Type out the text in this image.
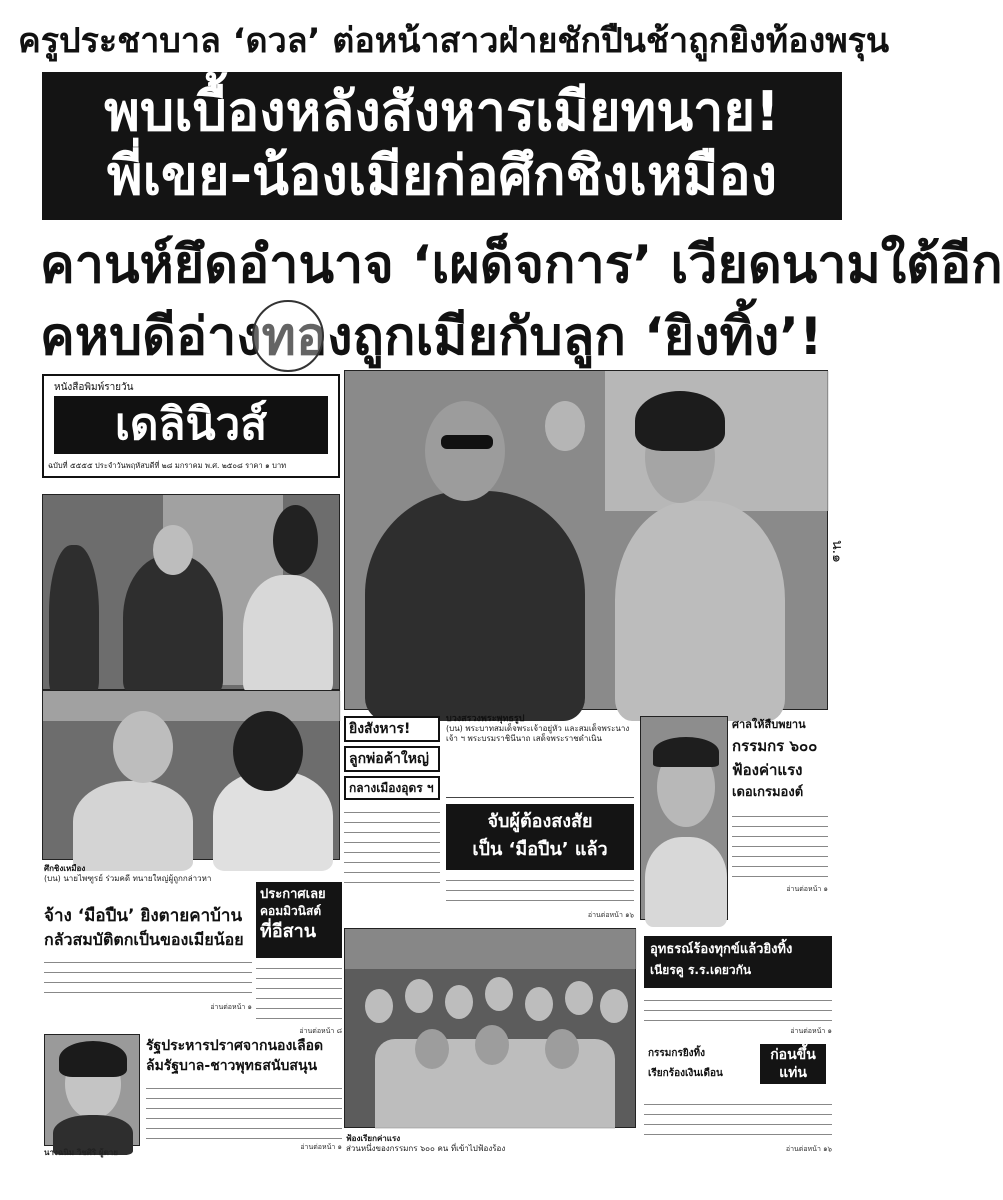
ครูประชาบาล ‘ดวล’ ต่อหน้าสาวฝ่ายชักปืนช้าถูกยิงท้องพรุน
พบเบื้องหลังสังหารเมียทนาย!
พี่เขย-น้องเมียก่อศึกชิงเหมือง
คานห์ยึดอำนาจ ‘เผด็จการ’ เวียดนามใต้อีก
คหบดีอ่างทองถูกเมียกับลูก ‘ยิงทิ้ง’!
หนังสือพิมพ์รายวัน
เดลินิวส์
ฉบับที่ ๕๕๕๕ ประจำวันพฤหัสบดีที่ ๒๘ มกราคม พ.ศ. ๒๕๐๘ ราคา ๑ บาท
น.๑
ศึกชิงเหมือง
(บน) นายไพฑูรย์ ร่วมคดี ทนายใหญ่ผู้ถูกกล่าวหา
จ้าง ‘มือปืน’ ยิงตายคาบ้าน
กลัวสมบัติตกเป็นของเมียน้อย
อ่านต่อหน้า ๑
ประกาศเลย
คอมมิวนิสต์
ที่อีสาน
อ่านต่อหน้า ๘
นางฉนิม วิชศิริ ผู้ตาย
รัฐประหารปราศจากนองเลือด
ล้มรัฐบาล-ชาวพุทธสนับสนุน
อ่านต่อหน้า ๑
ยิงสังหาร!
ลูกพ่อค้าใหญ่
กลางเมืองอุดร ฯ
บวงสรวงพระพุทธรูป
(บน) พระบาทสมเด็จพระเจ้าอยู่หัว และสมเด็จพระนางเจ้า ฯ พระบรมราชินีนาถ เสด็จพระราชดำเนิน
จับผู้ต้องสงสัย
เป็น ‘มือปืน’ แล้ว
อ่านต่อหน้า ๑๖
ศาลให้สืบพยาน
กรรมกร ๖๐๐
ฟ้องค่าแรง
เดอเกรมองต์
อ่านต่อหน้า ๑
ฟ้องเรียกค่าแรง
ส่วนหนึ่งของกรรมกร ๖๐๐ คน ที่เข้าไปฟ้องร้อง
อุทธรณ์ร้องทุกข์แล้วยิงทิ้ง
เนียรคู ร.ร.เดยวกัน
อ่านต่อหน้า ๑
กรรมกรยิงทิ้ง
เรียกร้องเงินเดือน
ก่อนขึ้นแท่น
อ่านต่อหน้า ๑๖
